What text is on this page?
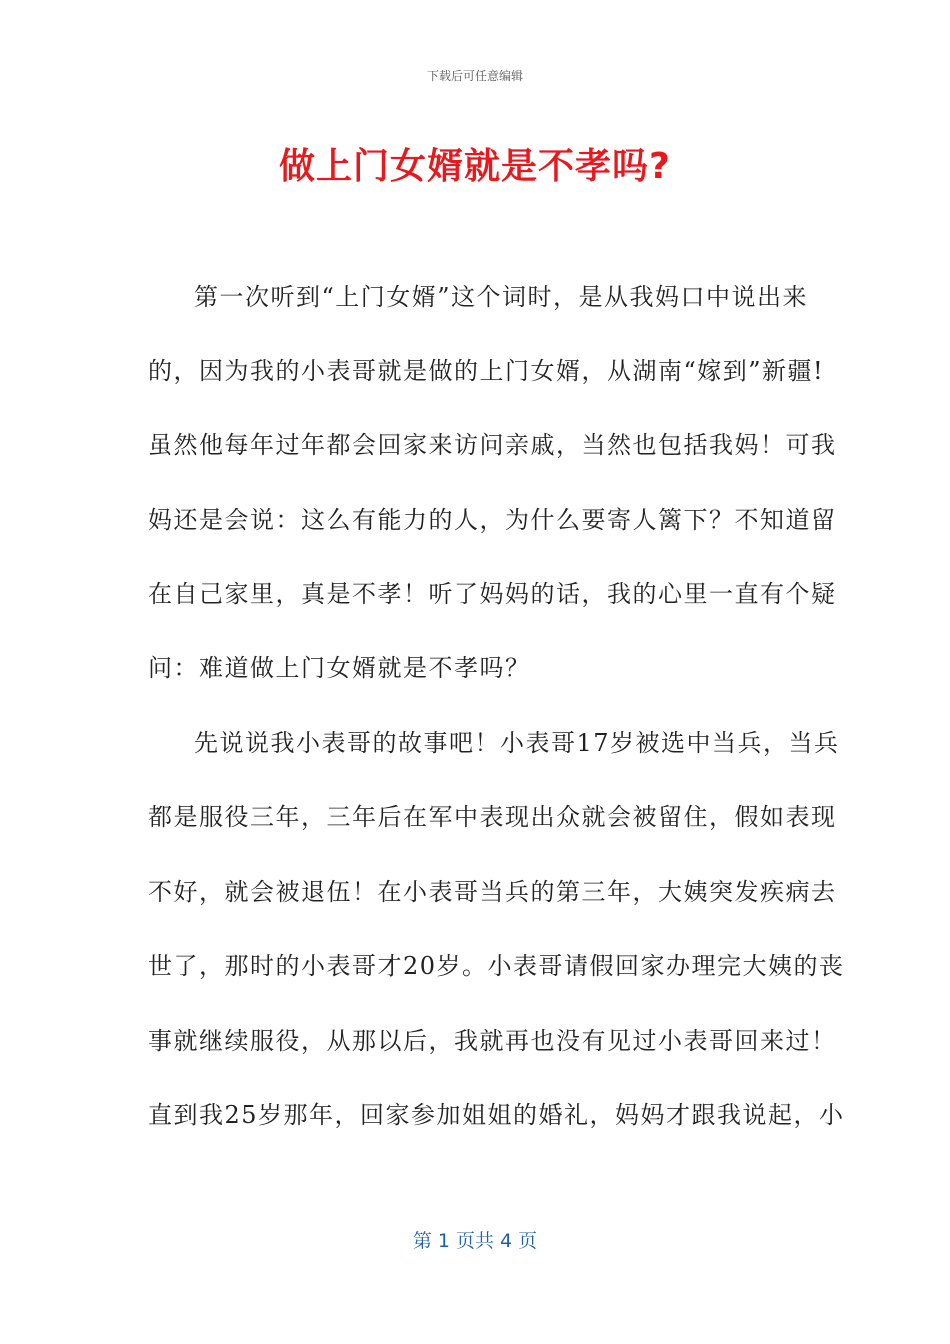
下载后可任意编辑
做上门女婿就是不孝吗?
第一次听到“上门女婿”这个词时，是从我妈口中说出来
的，因为我的小表哥就是做的上门女婿，从湖南“嫁到”新疆!
虽然他每年过年都会回家来访问亲戚，当然也包括我妈！可我
妈还是会说：这么有能力的人，为什么要寄人篱下？不知道留
在自己家里，真是不孝！听了妈妈的话，我的心里一直有个疑
问：难道做上门女婿就是不孝吗？
先说说我小表哥的故事吧！小表哥17岁被选中当兵，当兵
都是服役三年，三年后在军中表现出众就会被留住，假如表现
不好，就会被退伍！在小表哥当兵的第三年，大姨突发疾病去
世了，那时的小表哥才20岁。小表哥请假回家办理完大姨的丧
事就继续服役，从那以后，我就再也没有见过小表哥回来过！
直到我25岁那年，回家参加姐姐的婚礼，妈妈才跟我说起，小
第 1 页共 4 页
